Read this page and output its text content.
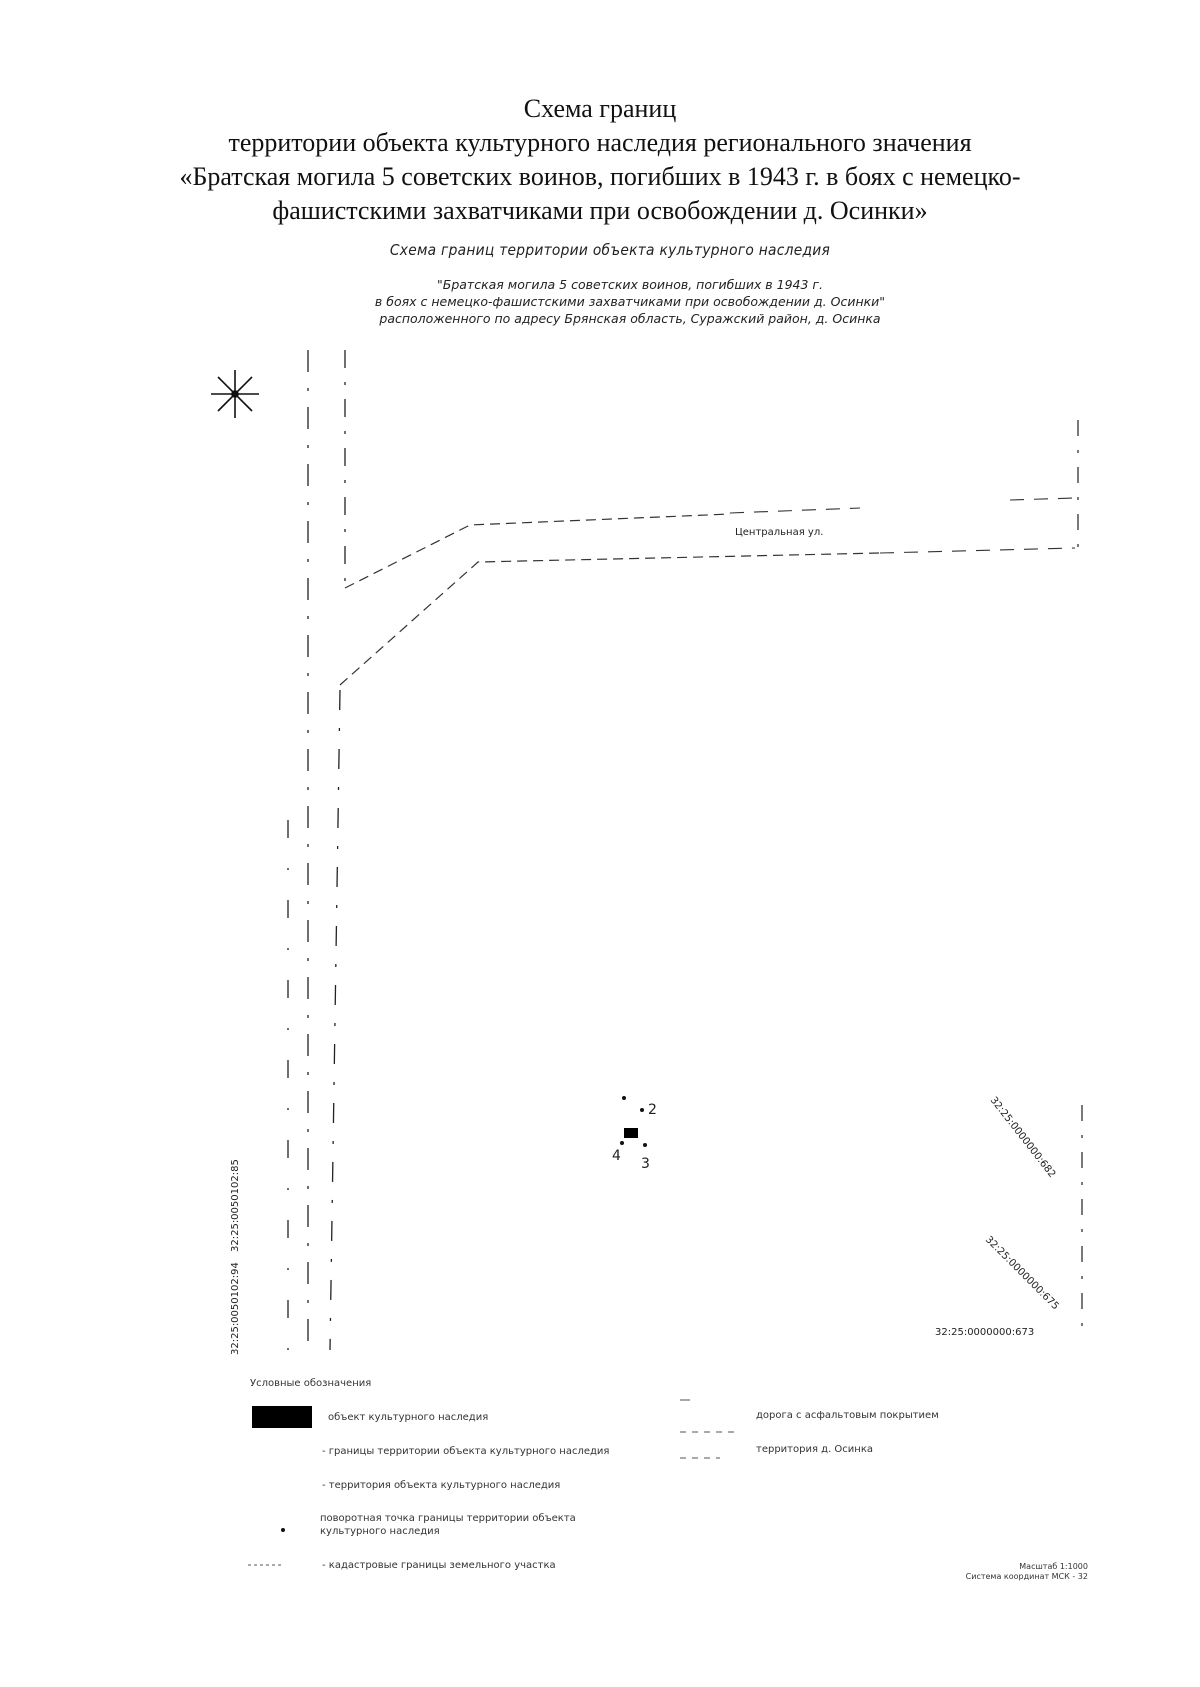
Схема границ
территории объекта культурного наследия регионального значения
«Братская могила 5 советских воинов, погибших в 1943 г. в боях с немецко-
фашистскими захватчиками при освобождении д. Осинки»
Схема границ территории объекта культурного наследия
"Братская могила 5 советских воинов, погибших в 1943 г.
в боях с немецко-фашистскими захватчиками при освобождении д. Осинки"
расположенного по адресу Брянская область, Суражский район, д. Осинка
Центральная ул.
2
3
4
32:25:0050102:85
32:25:0050102:94
32:25:0000000:682
32:25:0000000:675
32:25:0000000:673
Условные обозначения
объект культурного наследия
- границы территории объекта культурного наследия
- территория объекта культурного наследия
поворотная точка границы территории объекта культурного наследия
- кадастровые границы земельного участка
дорога с асфальтовым покрытием
территория д. Осинка
Масштаб 1:1000
Система координат МСК - 32
